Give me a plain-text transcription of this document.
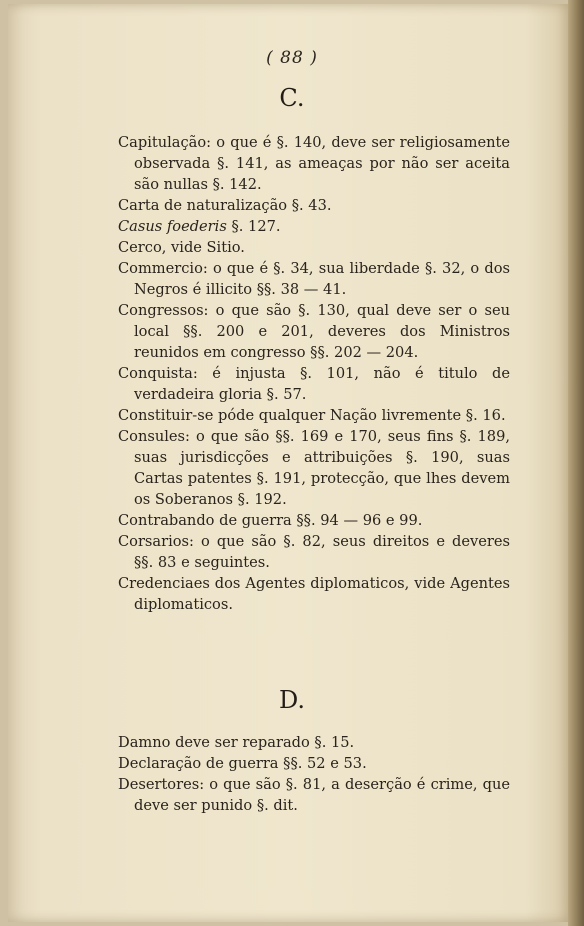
( 88 )
C.

Capitulação: o que é §. 140, deve ser religiosamente observada §. 141, as ameaças por não ser aceita são nullas §. 142.

Carta de naturalização §. 43.

Casus foederis §. 127.

Cerco, vide Sitio.

Commercio: o que é §. 34, sua liberdade §. 32, o dos Negros é illicito §§. 38 — 41.

Congressos: o que são §. 130, qual deve ser o seu local §§. 200 e 201, deveres dos Ministros reunidos em congresso §§. 202 — 204.

Conquista: é injusta §. 101, não é titulo de verdadeira gloria §. 57.

Constituir-se póde qualquer Nação livremente §. 16.

Consules: o que são §§. 169 e 170, seus fins §. 189, suas jurisdicções e attribuições §. 190, suas Cartas patentes §. 191, protecção, que lhes devem os Soberanos §. 192.

Contrabando de guerra §§. 94 — 96 e 99.

Corsarios: o que são §. 82, seus direitos e deveres §§. 83 e seguintes.

Credenciaes dos Agentes diplomaticos, vide Agentes diplomaticos.

D.

Damno deve ser reparado §. 15.

Declaração de guerra §§. 52 e 53.

Desertores: o que são §. 81, a deserção é crime, que deve ser punido §. dit.
